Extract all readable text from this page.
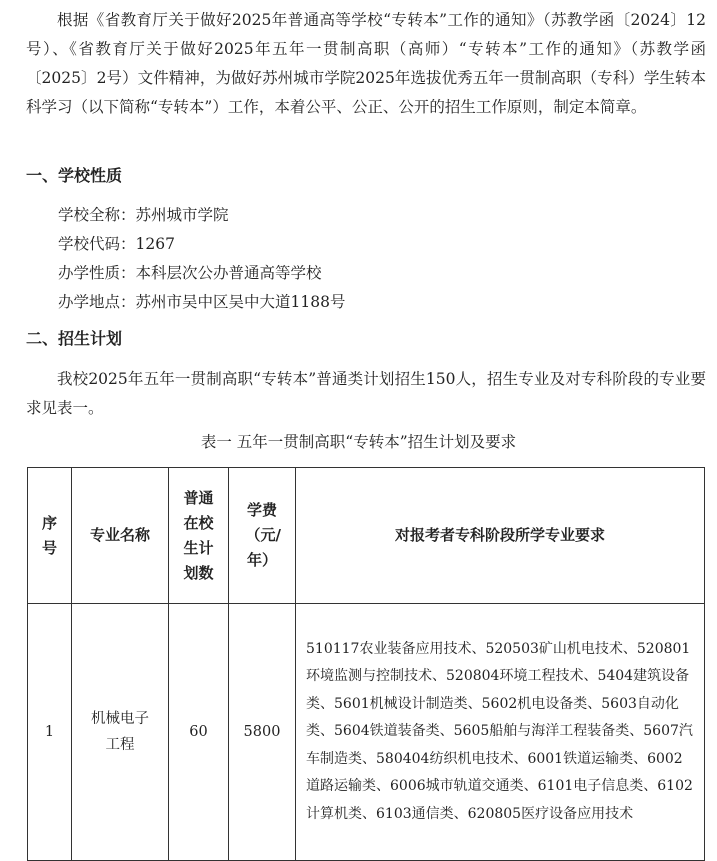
根据《省教育厅关于做好2025年普通高等学校“专转本”工作的通知》（苏教学函〔2024〕12号）、《省教育厅关于做好2025年五年一贯制高职（高师）“专转本”工作的通知》（苏教学函〔2025〕2号）文件精神，为做好苏州城市学院2025年选拔优秀五年一贯制高职（专科）学生转本科学习（以下简称“专转本”）工作，本着公平、公正、公开的招生工作原则，制定本简章。

一、学校性质

学校全称：苏州城市学院

学校代码：1267

办学性质：本科层次公办普通高等学校

办学地点：苏州市吴中区吴中大道1188号

二、招生计划

我校2025年五年一贯制高职“专转本”普通类计划招生150人，招生专业及对专科阶段的专业要求见表一。

表一 五年一贯制高职“专转本”招生计划及要求

序号	专业名称	普通在校生计划数	学费（元/年）	对报考者专科阶段所学专业要求
1	机械电子工程	60	5800	510117农业装备应用技术、520503矿山机电技术、520801环境监测与控制技术、520804环境工程技术、5404建筑设备类、5601机械设计制造类、5602机电设备类、5603自动化类、5604铁道装备类、5605船舶与海洋工程装备类、5607汽车制造类、580404纺织机电技术、6001铁道运输类、6002道路运输类、6006城市轨道交通类、6101电子信息类、6102计算机类、6103通信类、620805医疗设备应用技术
